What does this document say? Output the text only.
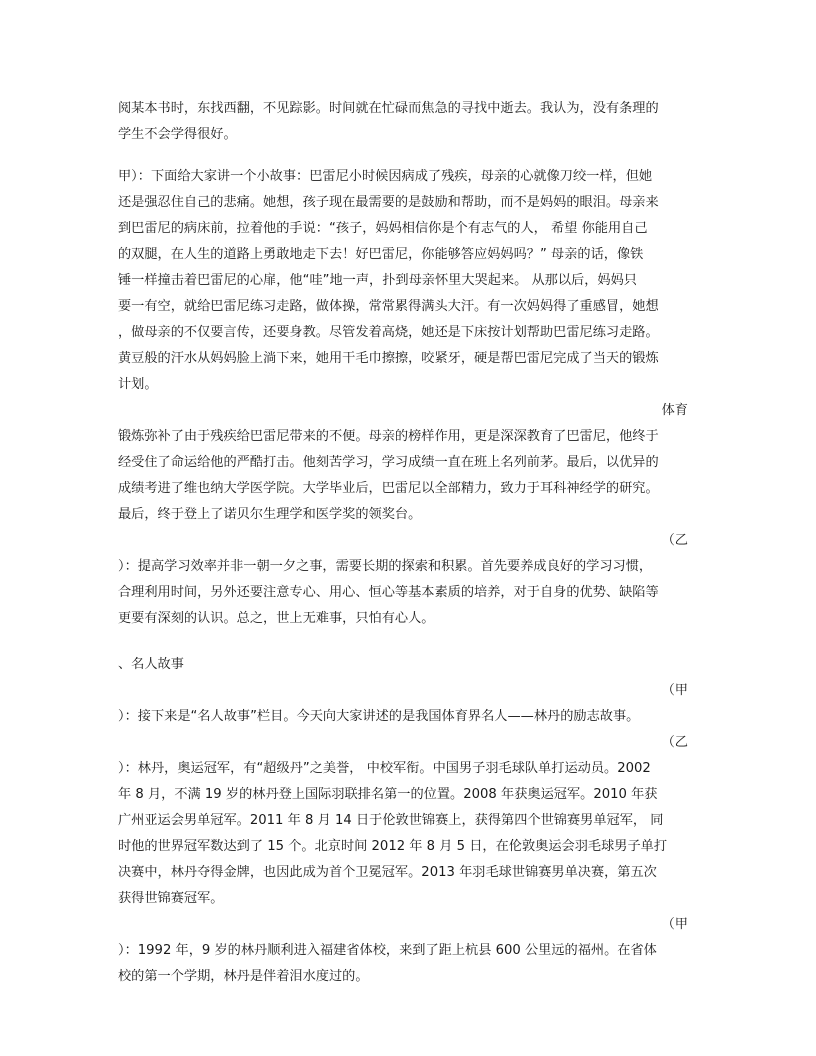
阅某本书时，东找西翻，不见踪影。时间就在忙碌而焦急的寻找中逝去。我认为，没有条理的
学生不会学得很好。
甲）：下面给大家讲一个小故事：巴雷尼小时候因病成了残疾，母亲的心就像刀绞一样，但她
还是强忍住自己的悲痛。她想，孩子现在最需要的是鼓励和帮助，而不是妈妈的眼泪。母亲来
到巴雷尼的病床前，拉着他的手说：“孩子，妈妈相信你是个有志气的人， 希望 你能用自己
的双腿，在人生的道路上勇敢地走下去！好巴雷尼，你能够答应妈妈吗？” 母亲的话，像铁
锤一样撞击着巴雷尼的心扉，他“哇”地一声，扑到母亲怀里大哭起来。 从那以后，妈妈只
要一有空，就给巴雷尼练习走路，做体操，常常累得满头大汗。有一次妈妈得了重感冒，她想
，做母亲的不仅要言传，还要身教。尽管发着高烧，她还是下床按计划帮助巴雷尼练习走路。
黄豆般的汗水从妈妈脸上淌下来，她用干毛巾擦擦，咬紧牙，硬是帮巴雷尼完成了当天的锻炼
计划。
体育
锻炼弥补了由于残疾给巴雷尼带来的不便。母亲的榜样作用，更是深深教育了巴雷尼，他终于
经受住了命运给他的严酷打击。他刻苦学习，学习成绩一直在班上名列前茅。最后，以优异的
成绩考进了维也纳大学医学院。大学毕业后，巴雷尼以全部精力，致力于耳科神经学的研究。
最后，终于登上了诺贝尔生理学和医学奖的领奖台。
（乙
）：提高学习效率并非一朝一夕之事，需要长期的探索和积累。首先要养成良好的学习习惯，
合理利用时间，另外还要注意专心、用心、恒心等基本素质的培养，对于自身的优势、缺陷等
更要有深刻的认识。总之，世上无难事，只怕有心人。
、名人故事
（甲
）：接下来是“名人故事”栏目。今天向大家讲述的是我国体育界名人——林丹的励志故事。
（乙
）：林丹，奥运冠军，有“超级丹”之美誉， 中校军衔。中国男子羽毛球队单打运动员。2002
年 8 月，不满 19 岁的林丹登上国际羽联排名第一的位置。2008 年获奥运冠军。2010 年获
广州亚运会男单冠军。2011 年 8 月 14 日于伦敦世锦赛上，获得第四个世锦赛男单冠军， 同
时他的世界冠军数达到了 15 个。北京时间 2012 年 8 月 5 日，在伦敦奥运会羽毛球男子单打
决赛中，林丹夺得金牌，也因此成为首个卫冕冠军。2013 年羽毛球世锦赛男单决赛，第五次
获得世锦赛冠军。
（甲
）：1992 年，9 岁的林丹顺利进入福建省体校，来到了距上杭县 600 公里远的福州。在省体
校的第一个学期，林丹是伴着泪水度过的。
